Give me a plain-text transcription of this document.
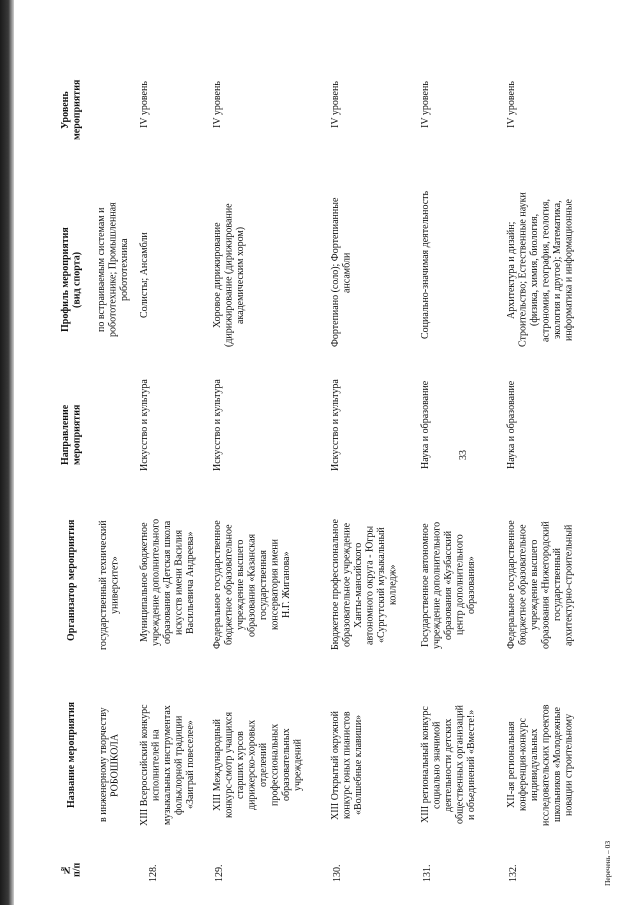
33
Перечень – 03
№
п/п
Название мероприятия
Организатор мероприятия
Направление
мероприятия
Профиль мероприятия
(вид спорта)
Уровень
мероприятия
в инженерному творчеству
РОБОШКОЛА
государственный технический
университет»
по встраиваемым системам и
робототехнике; Промышленная
робототехника
128.
XIII Всероссийский конкурс
исполнителей на
музыкальных инструментах
фольклорной традиции
«Заиграй повеселее»
Муниципальное бюджетное
учреждение дополнительного
образования «Детская школа
искусств имени Василия
Васильевича Андреева»
Искусство и культура
Солисты; Ансамбли
IV уровень
129.
XIII Международный
конкурс-смотр учащихся
старших курсов
дирижерско-хоровых
отделений
профессиональных
образовательных
учреждений
Федеральное государственное
бюджетное образовательное
учреждение высшего
образования «Казанская
государственная
консерватория имени
Н.Г. Жиганова»
Искусство и культура
Хоровое дирижирование
(дирижирование (дирижирование
академическим хором)
IV уровень
130.
XIII Открытый окружной
конкурс юных пианистов
«Волшебные клавиши»
Бюджетное профессиональное
образовательное учреждение
Ханты-мансийского
автономного округа - Югры
«Сургутский музыкальный
колледж»
Искусство и культура
Фортепиано (соло); Фортепианные
ансамбли
IV уровень
131.
XIII региональный конкурс
социально значимой
деятельности детских
общественных организаций
и объединений «Вместе!»
Государственное автономное
учреждение дополнительного
образования «Кузбасский
центр дополнительного
образования»
Наука и образование
Социально-значимая деятельность
IV уровень
132.
XII-ая региональная
конференция-конкурс
индивидуальных
исследовательских проектов
школьников «Молодежные
новации строительному
Федеральное государственное
бюджетное образовательное
учреждение высшего
образования «Нижегородский
государственный
архитектурно-строительный
Наука и образование
Архитектура и дизайн;
Строительство; Естественные науки
(физика, химия, биология,
астрономия, география, геология,
экология и другое); Математика,
информатика и информационные
IV уровень
